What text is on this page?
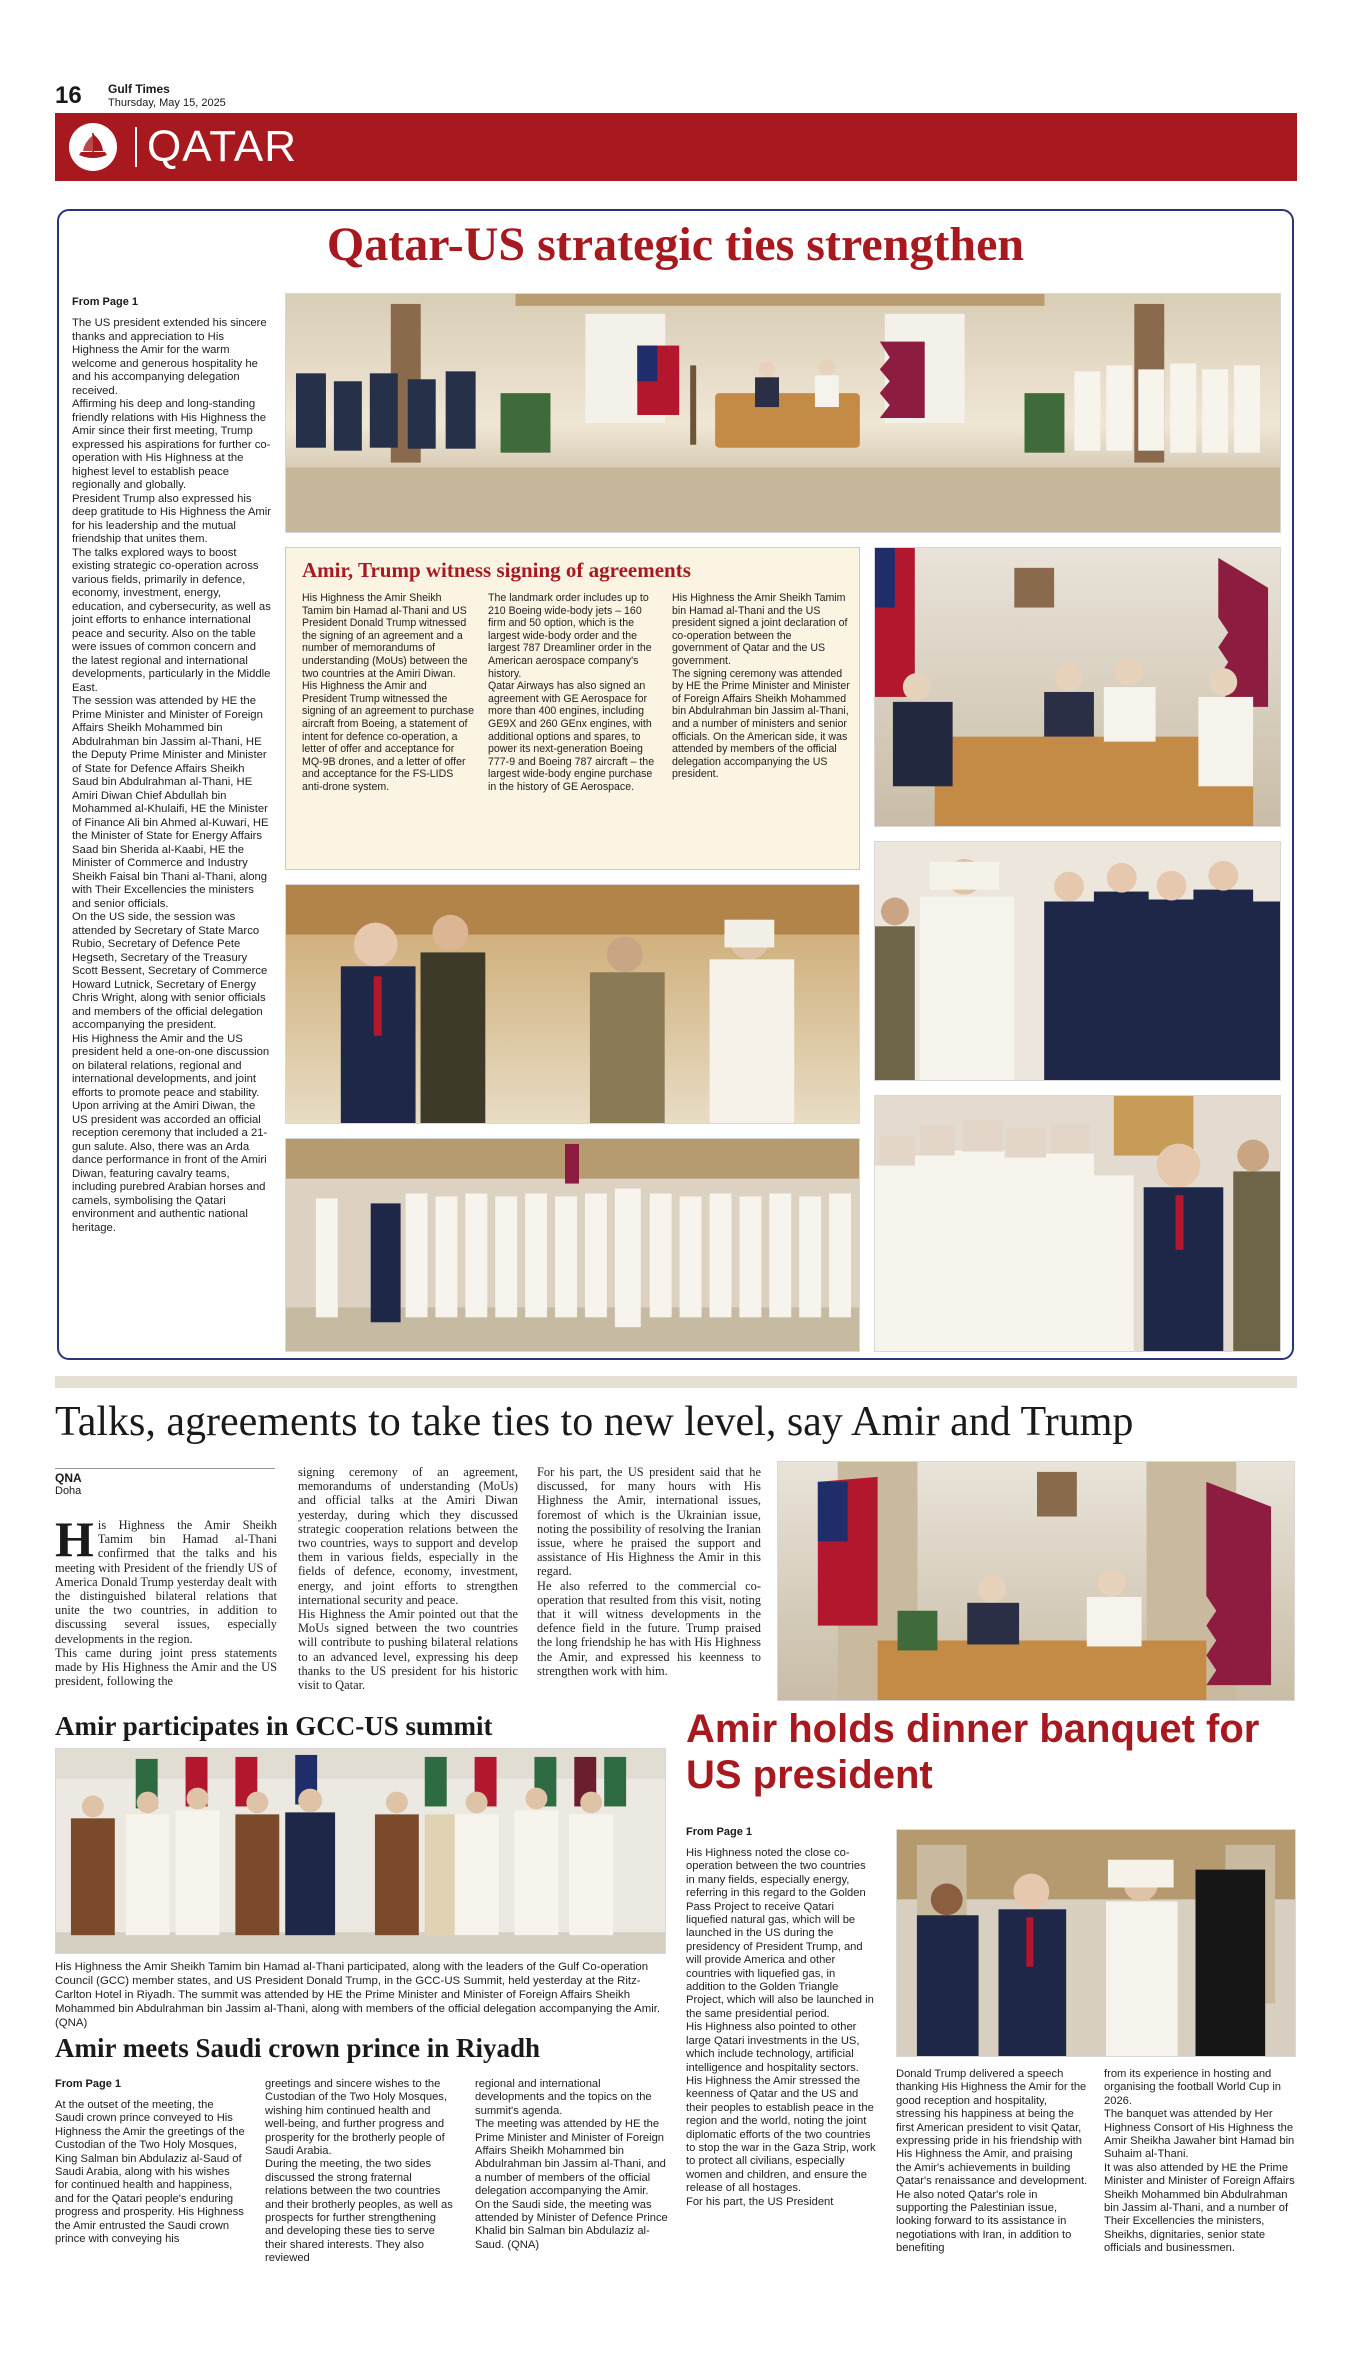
16 Gulf Times
Thursday, May 15, 2025
QATAR
Qatar-US strategic ties strengthen
From Page 1
The US president extended his sincere thanks and appreciation to His Highness the Amir for the warm welcome and generous hospitality he and his accompanying delegation received.
Affirming his deep and long-standing friendly relations with His Highness the Amir since their first meeting, Trump expressed his aspirations for further co-operation with His Highness at the highest level to establish peace regionally and globally.
President Trump also expressed his deep gratitude to His Highness the Amir for his leadership and the mutual friendship that unites them.
The talks explored ways to boost existing strategic co-operation across various fields, primarily in defence, economy, investment, energy, education, and cybersecurity, as well as joint efforts to enhance international peace and security. Also on the table were issues of common concern and the latest regional and international developments, particularly in the Middle East.
The session was attended by HE the Prime Minister and Minister of Foreign Affairs Sheikh Mohammed bin Abdulrahman bin Jassim al-Thani, HE the Deputy Prime Minister and Minister of State for Defence Affairs Sheikh Saud bin Abdulrahman al-Thani, HE Amiri Diwan Chief Abdullah bin Mohammed al-Khulaifi, HE the Minister of Finance Ali bin Ahmed al-Kuwari, HE the Minister of State for Energy Affairs Saad bin Sherida al-Kaabi, HE the Minister of Commerce and Industry Sheikh Faisal bin Thani al-Thani, along with Their Excellencies the ministers and senior officials.
On the US side, the session was attended by Secretary of State Marco Rubio, Secretary of Defence Pete Hegseth, Secretary of the Treasury Scott Bessent, Secretary of Commerce Howard Lutnick, Secretary of Energy Chris Wright, along with senior officials and members of the official delegation accompanying the president.
His Highness the Amir and the US president held a one-on-one discussion on bilateral relations, regional and international developments, and joint efforts to promote peace and stability.
Upon arriving at the Amiri Diwan, the US president was accorded an official reception ceremony that included a 21-gun salute. Also, there was an Arda dance performance in front of the Amiri Diwan, featuring cavalry teams, including purebred Arabian horses and camels, symbolising the Qatari environment and authentic national heritage.
Amir, Trump witness signing of agreements
His Highness the Amir Sheikh Tamim bin Hamad al-Thani and US President Donald Trump witnessed the signing of an agreement and a number of memorandums of understanding (MoUs) between the two countries at the Amiri Diwan.
His Highness the Amir and President Trump witnessed the signing of an agreement to purchase aircraft from Boeing, a statement of intent for defence co-operation, a letter of offer and acceptance for MQ-9B drones, and a letter of offer and acceptance for the FS-LIDS anti-drone system.
The landmark order includes up to 210 Boeing wide-body jets – 160 firm and 50 option, which is the largest wide-body order and the largest 787 Dreamliner order in the American aerospace company's history.
Qatar Airways has also signed an agreement with GE Aerospace for more than 400 engines, including GE9X and 260 GEnx engines, with additional options and spares, to power its next-generation Boeing 777-9 and Boeing 787 aircraft – the largest wide-body engine purchase in the history of GE Aerospace.
His Highness the Amir Sheikh Tamim bin Hamad al-Thani and the US president signed a joint declaration of co-operation between the government of Qatar and the US government.
The signing ceremony was attended by HE the Prime Minister and Minister of Foreign Affairs Sheikh Mohammed bin Abdulrahman bin Jassim al-Thani, and a number of ministers and senior officials. On the American side, it was attended by members of the official delegation accompanying the US president.
Talks, agreements to take ties to new level, say Amir and Trump
QNA
Doha
H is Highness the Amir Sheikh Tamim bin Hamad al-Thani confirmed that the talks and his meeting with President of the friendly US of America Donald Trump yesterday dealt with the distinguished bilateral relations that unite the two countries, in addition to discussing several issues, especially developments in the region.
This came during joint press statements made by His Highness the Amir and the US president, following the
signing ceremony of an agreement, memorandums of understanding (MoUs) and official talks at the Amiri Diwan yesterday, during which they discussed strategic cooperation relations between the two countries, ways to support and develop them in various fields, especially in the fields of defence, economy, investment, energy, and joint efforts to strengthen international security and peace.
His Highness the Amir pointed out that the MoUs signed between the two countries will contribute to pushing bilateral relations to an advanced level, expressing his deep thanks to the US president for his historic visit to Qatar.
For his part, the US president said that he discussed, for many hours with His Highness the Amir, international issues, foremost of which is the Ukrainian issue, noting the possibility of resolving the Iranian issue, where he praised the support and assistance of His Highness the Amir in this regard.
He also referred to the commercial co-operation that resulted from this visit, noting that it will witness developments in the defence field in the future. Trump praised the long friendship he has with His Highness the Amir, and expressed his keenness to strengthen work with him.
Amir participates in GCC-US summit
His Highness the Amir Sheikh Tamim bin Hamad al-Thani participated, along with the leaders of the Gulf Co-operation Council (GCC) member states, and US President Donald Trump, in the GCC-US Summit, held yesterday at the Ritz-Carlton Hotel in Riyadh. The summit was attended by HE the Prime Minister and Minister of Foreign Affairs Sheikh Mohammed bin Abdulrahman bin Jassim al-Thani, along with members of the official delegation accompanying the Amir. (QNA)
Amir meets Saudi crown prince in Riyadh
From Page 1
At the outset of the meeting, the Saudi crown prince conveyed to His Highness the Amir the greetings of the Custodian of the Two Holy Mosques, King Salman bin Abdulaziz al-Saud of Saudi Arabia, along with his wishes for continued health and happiness, and for the Qatari people's enduring progress and prosperity. His Highness the Amir entrusted the Saudi crown prince with conveying his
greetings and sincere wishes to the Custodian of the Two Holy Mosques, wishing him continued health and well-being, and further progress and prosperity for the brotherly people of Saudi Arabia.
During the meeting, the two sides discussed the strong fraternal relations between the two countries and their brotherly peoples, as well as prospects for further strengthening and developing these ties to serve their shared interests. They also reviewed
regional and international developments and the topics on the summit's agenda.
The meeting was attended by HE the Prime Minister and Minister of Foreign Affairs Sheikh Mohammed bin Abdulrahman bin Jassim al-Thani, and a number of members of the official delegation accompanying the Amir.
On the Saudi side, the meeting was attended by Minister of Defence Prince Khalid bin Salman bin Abdulaziz al-Saud. (QNA)
Amir holds dinner banquet for US president
From Page 1
His Highness noted the close co-operation between the two countries in many fields, especially energy, referring in this regard to the Golden Pass Project to receive Qatari liquefied natural gas, which will be launched in the US during the presidency of President Trump, and will provide America and other countries with liquefied gas, in addition to the Golden Triangle Project, which will also be launched in the same presidential period.
His Highness also pointed to other large Qatari investments in the US, which include technology, artificial intelligence and hospitality sectors.
His Highness the Amir stressed the keenness of Qatar and the US and their peoples to establish peace in the region and the world, noting the joint diplomatic efforts of the two countries to stop the war in the Gaza Strip, work to protect all civilians, especially women and children, and ensure the release of all hostages.
For his part, the US President
Donald Trump delivered a speech thanking His Highness the Amir for the good reception and hospitality, stressing his happiness at being the first American president to visit Qatar, expressing pride in his friendship with His Highness the Amir, and praising the Amir's achievements in building Qatar's renaissance and development.
He also noted Qatar's role in supporting the Palestinian issue, looking forward to its assistance in negotiations with Iran, in addition to benefiting
from its experience in hosting and organising the football World Cup in 2026.
The banquet was attended by Her Highness Consort of His Highness the Amir Sheikha Jawaher bint Hamad bin Suhaim al-Thani.
It was also attended by HE the Prime Minister and Minister of Foreign Affairs Sheikh Mohammed bin Abdulrahman bin Jassim al-Thani, and a number of Their Excellencies the ministers, Sheikhs, dignitaries, senior state officials and businessmen.
